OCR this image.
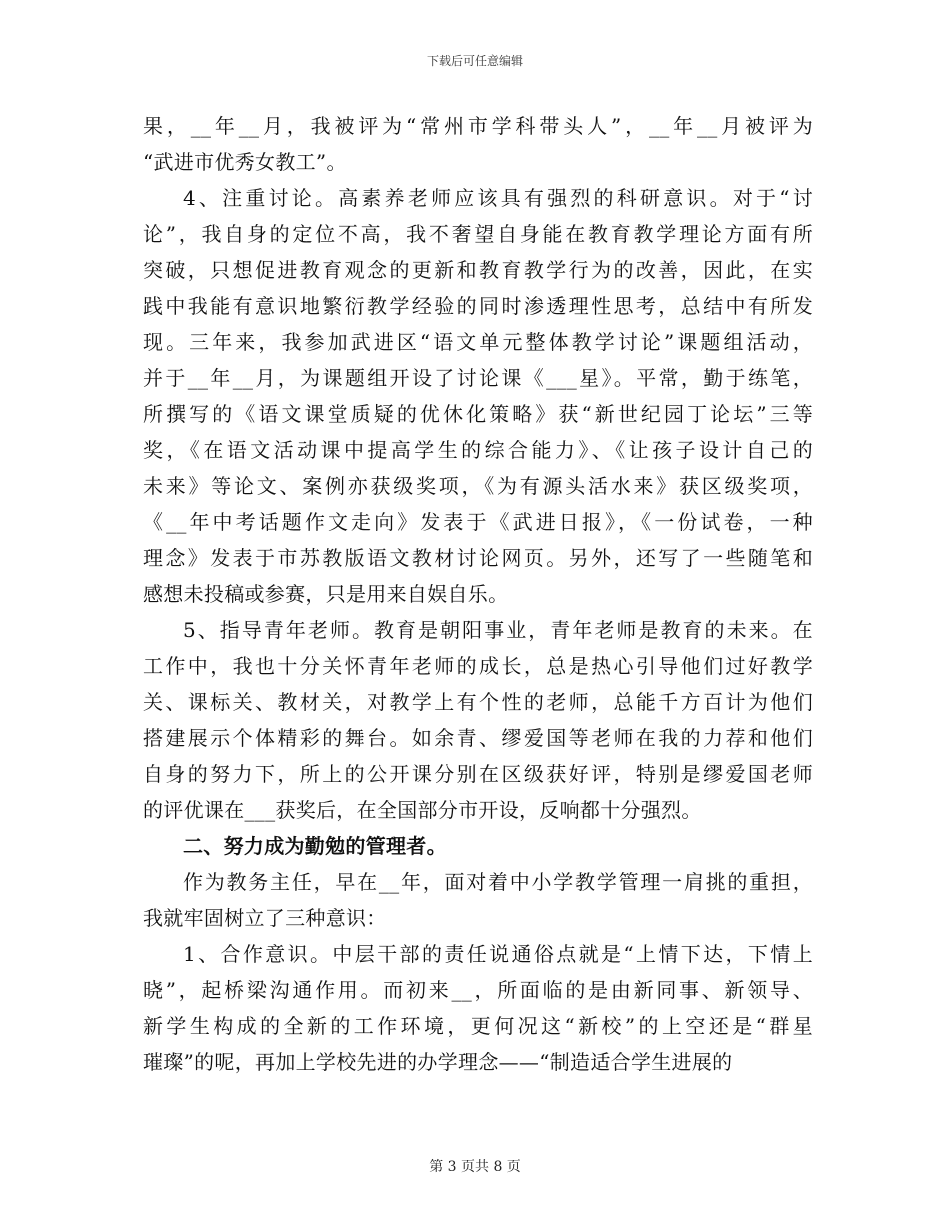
下载后可任意编辑
果，__年__月，我被评为“常州市学科带头人”，__年__月被评为
“武进市优秀女教工”。
4、注重讨论。高素养老师应该具有强烈的科研意识。对于“讨
论”，我自身的定位不高，我不奢望自身能在教育教学理论方面有所
突破，只想促进教育观念的更新和教育教学行为的改善，因此，在实
践中我能有意识地繁衍教学经验的同时渗透理性思考，总结中有所发
现。三年来，我参加武进区“语文单元整体教学讨论”课题组活动，
并于__年__月，为课题组开设了讨论课《___星》。平常，勤于练笔，
所撰写的《语文课堂质疑的优休化策略》获“新世纪园丁论坛”三等
奖，《在语文活动课中提高学生的综合能力》、《让孩子设计自己的
未来》等论文、案例亦获级奖项，《为有源头活水来》获区级奖项，
《__年中考话题作文走向》发表于《武进日报》，《一份试卷，一种
理念》发表于市苏教版语文教材讨论网页。另外，还写了一些随笔和
感想未投稿或参赛，只是用来自娱自乐。
5、指导青年老师。教育是朝阳事业，青年老师是教育的未来。在
工作中，我也十分关怀青年老师的成长，总是热心引导他们过好教学
关、课标关、教材关，对教学上有个性的老师，总能千方百计为他们
搭建展示个体精彩的舞台。如余青、缪爱国等老师在我的力荐和他们
自身的努力下，所上的公开课分别在区级获好评，特别是缪爱国老师
的评优课在___获奖后，在全国部分市开设，反响都十分强烈。
二、努力成为勤勉的管理者。
作为教务主任，早在__年，面对着中小学教学管理一肩挑的重担，
我就牢固树立了三种意识：
1、合作意识。中层干部的责任说通俗点就是“上情下达，下情上
晓”，起桥梁沟通作用。而初来__，所面临的是由新同事、新领导、
新学生构成的全新的工作环境，更何况这“新校”的上空还是“群星
璀璨”的呢，再加上学校先进的办学理念——“制造适合学生进展的
第 3 页共 8 页
